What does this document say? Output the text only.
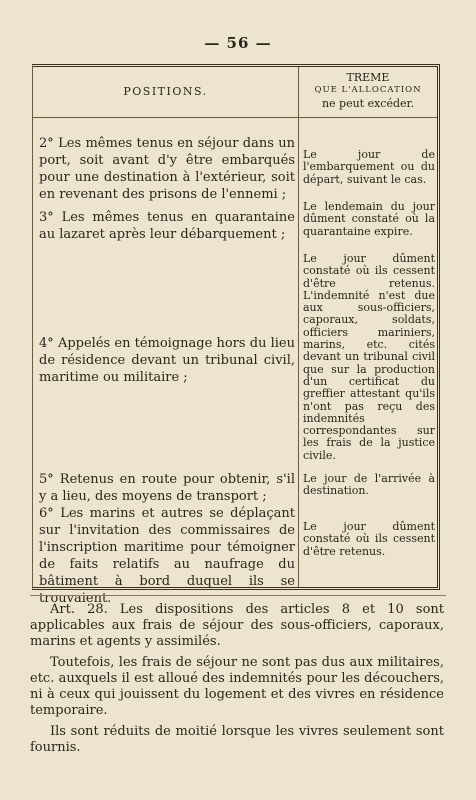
— 56 —
POSITIONS.
TREME
QUE L'ALLOCATION
ne peut excéder.
2° Les mêmes tenus en séjour dans un port, soit avant d'y être embarqués pour une destination à l'extérieur, soit en revenant des prisons de l'ennemi ;
Le jour de l'embarquement ou du départ, suivant le cas.
3° Les mêmes tenus en quarantaine au lazaret après leur débarquement ;
Le lendemain du jour dûment constaté où la quarantaine expire.
4° Appelés en témoignage hors du lieu de résidence devant un tribunal civil, maritime ou militaire ;
Le jour dûment constaté où ils cessent d'être retenus. L'indemnité n'est due aux sous-officiers, caporaux, soldats, officiers mariniers, marins, etc. cités devant un tribunal civil que sur la production d'un certificat du greffier attestant qu'ils n'ont pas reçu des indemnités correspondantes sur les frais de la justice civile.
5° Retenus en route pour obtenir, s'il y a lieu, des moyens de transport ;
Le jour de l'arrivée à destination.
6° Les marins et autres se déplaçant sur l'invitation des commissaires de l'inscription maritime pour témoigner de faits relatifs au naufrage du bâtiment à bord duquel ils se trouvaient.
Le jour dûment constaté où ils cessent d'être retenus.

Art. 28. Les dispositions des articles 8 et 10 sont applicables aux frais de séjour des sous-officiers, caporaux, marins et agents y assimilés.

Toutefois, les frais de séjour ne sont pas dus aux militaires, etc. auxquels il est alloué des indemnités pour les découchers, ni à ceux qui jouissent du logement et des vivres en résidence temporaire.

Ils sont réduits de moitié lorsque les vivres seulement sont fournis.
